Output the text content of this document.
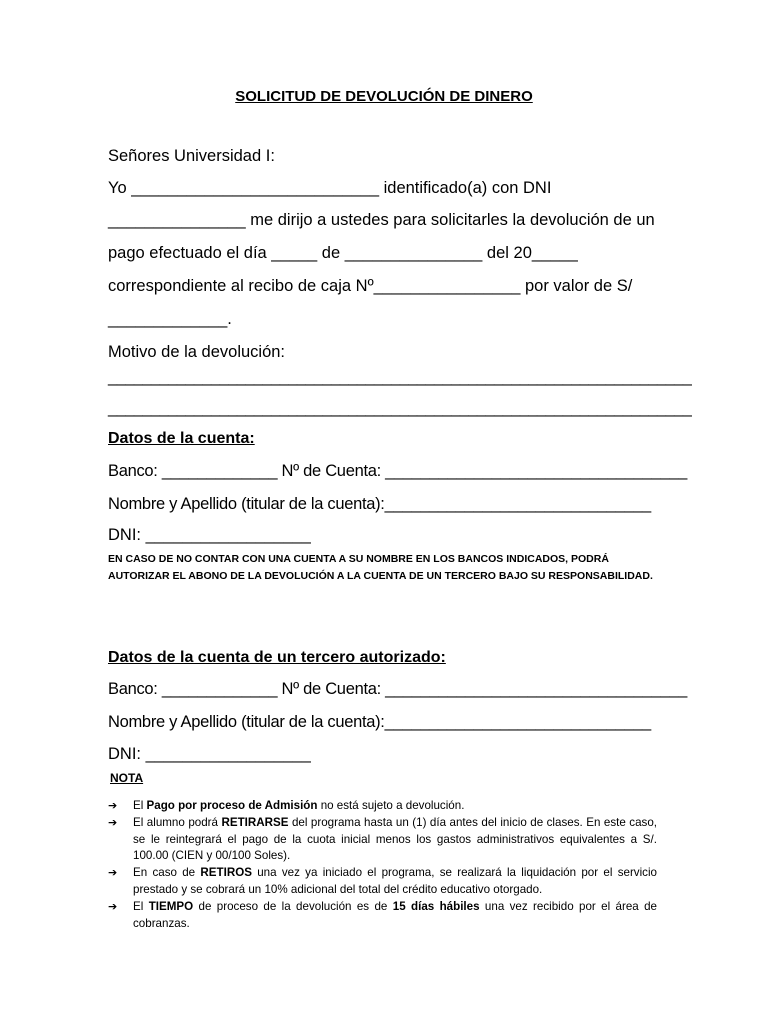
SOLICITUD DE DEVOLUCIÓN DE DINERO
Señores Universidad I:
Yo ___________________________ identificado(a) con DNI
_______________ me dirijo a ustedes para solicitarles la devolución de un
pago efectuado el día _____ de _______________ del 20_____
correspondiente al recibo de caja Nº________________ por valor de S/
_____________.
Motivo de la devolución:
____________________________________________________________________
____________________________________________________________________
Datos de la cuenta:
Banco: _____________ Nº de Cuenta: __________________________________
Nombre y Apellido (titular de la cuenta):______________________________
DNI: __________________
EN CASO DE NO CONTAR CON UNA CUENTA A SU NOMBRE EN LOS BANCOS INDICADOS, PODRÁ AUTORIZAR EL ABONO DE LA DEVOLUCIÓN A LA CUENTA DE UN TERCERO BAJO SU RESPONSABILIDAD.
Datos de la cuenta de un tercero autorizado:
Banco: _____________ Nº de Cuenta: __________________________________
Nombre y Apellido (titular de la cuenta):______________________________
DNI: __________________
NOTA
➔ El Pago por proceso de Admisión no está sujeto a devolución.
➔ El alumno podrá RETIRARSE del programa hasta un (1) día antes del inicio de clases. En este caso, se le reintegrará el pago de la cuota inicial menos los gastos administrativos equivalentes a S/. 100.00 (CIEN y 00/100 Soles).
➔ En caso de RETIROS una vez ya iniciado el programa, se realizará la liquidación por el servicio prestado y se cobrará un 10% adicional del total del crédito educativo otorgado.
➔ El TIEMPO de proceso de la devolución es de 15 días hábiles una vez recibido por el área de cobranzas.
